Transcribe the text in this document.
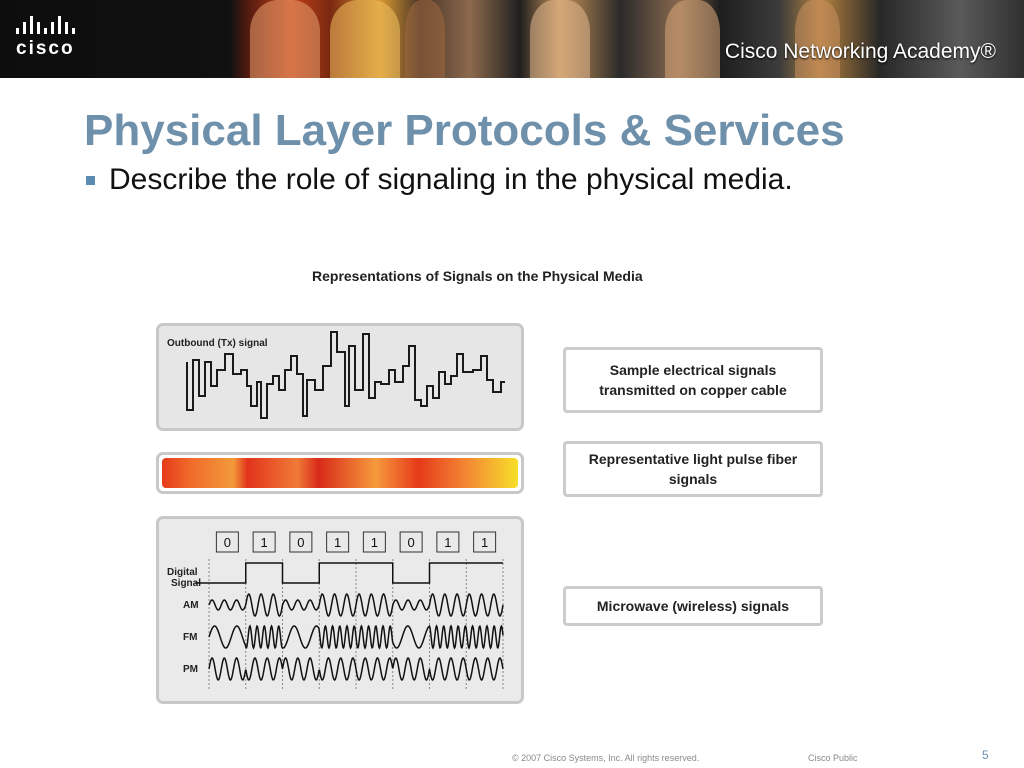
cisco	Cisco Networking Academy®
Physical Layer Protocols & Services
Describe the role of signaling in the physical media.
Representations of Signals on the Physical Media
Outbound (Tx) signal
0 1 0 1 1 0 1 1
Digital
Signal
AM
FM
PM
Sample electrical signals transmitted on copper cable
Representative light pulse fiber signals
Microwave (wireless) signals
© 2007 Cisco Systems, Inc. All rights reserved.	Cisco Public	5
